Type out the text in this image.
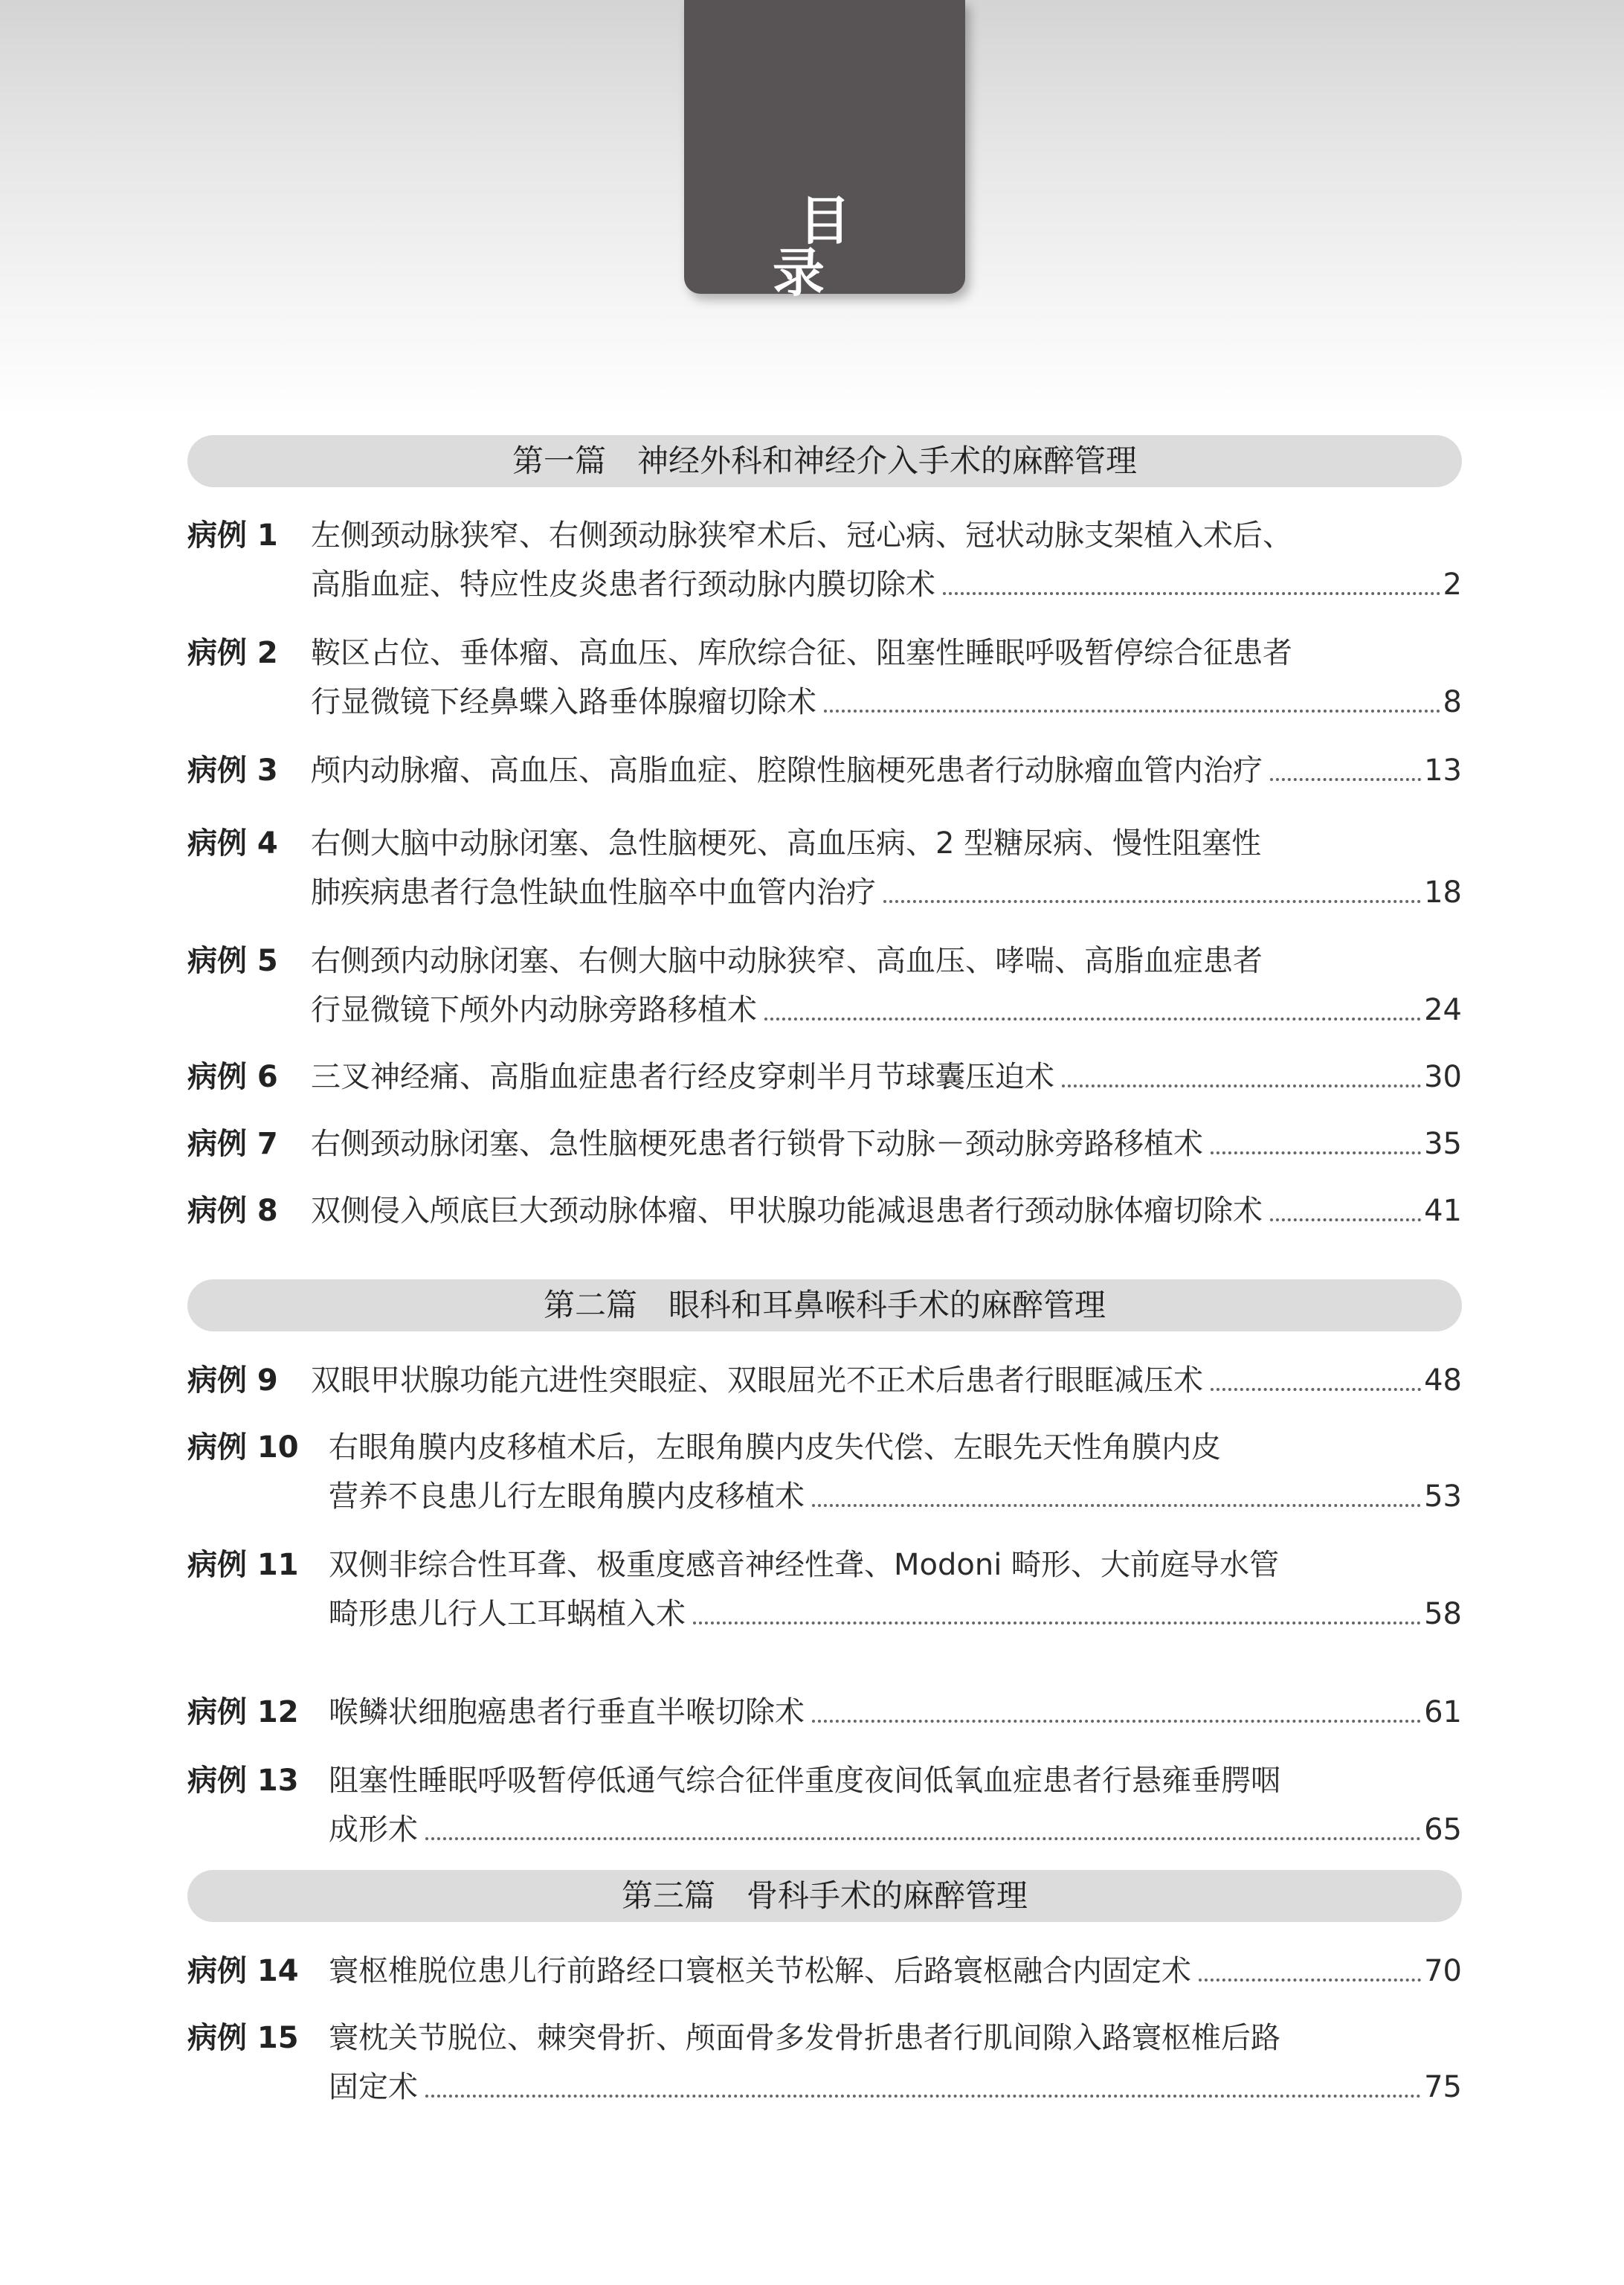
目 录
第一篇　神经外科和神经介入手术的麻醉管理
病例 1 左侧颈动脉狭窄、右侧颈动脉狭窄术后、冠心病、冠状动脉支架植入术后、
高脂血症、特应性皮炎患者行颈动脉内膜切除术	2
病例 2 鞍区占位、垂体瘤、高血压、库欣综合征、阻塞性睡眠呼吸暂停综合征患者
行显微镜下经鼻蝶入路垂体腺瘤切除术	8
病例 3 颅内动脉瘤、高血压、高脂血症、腔隙性脑梗死患者行动脉瘤血管内治疗	13
病例 4 右侧大脑中动脉闭塞、急性脑梗死、高血压病、2 型糖尿病、慢性阻塞性
肺疾病患者行急性缺血性脑卒中血管内治疗	18
病例 5 右侧颈内动脉闭塞、右侧大脑中动脉狭窄、高血压、哮喘、高脂血症患者
行显微镜下颅外内动脉旁路移植术	24
病例 6 三叉神经痛、高脂血症患者行经皮穿刺半月节球囊压迫术	30
病例 7 右侧颈动脉闭塞、急性脑梗死患者行锁骨下动脉－颈动脉旁路移植术	35
病例 8 双侧侵入颅底巨大颈动脉体瘤、甲状腺功能减退患者行颈动脉体瘤切除术	41
第二篇　眼科和耳鼻喉科手术的麻醉管理
病例 9 双眼甲状腺功能亢进性突眼症、双眼屈光不正术后患者行眼眶减压术	48
病例 10 右眼角膜内皮移植术后，左眼角膜内皮失代偿、左眼先天性角膜内皮
营养不良患儿行左眼角膜内皮移植术	53
病例 11 双侧非综合性耳聋、极重度感音神经性聋、Modoni 畸形、大前庭导水管
畸形患儿行人工耳蜗植入术	58
病例 12 喉鳞状细胞癌患者行垂直半喉切除术	61
病例 13 阻塞性睡眠呼吸暂停低通气综合征伴重度夜间低氧血症患者行悬雍垂腭咽
成形术	65
第三篇　骨科手术的麻醉管理
病例 14 寰枢椎脱位患儿行前路经口寰枢关节松解、后路寰枢融合内固定术	70
病例 15 寰枕关节脱位、棘突骨折、颅面骨多发骨折患者行肌间隙入路寰枢椎后路
固定术	75
